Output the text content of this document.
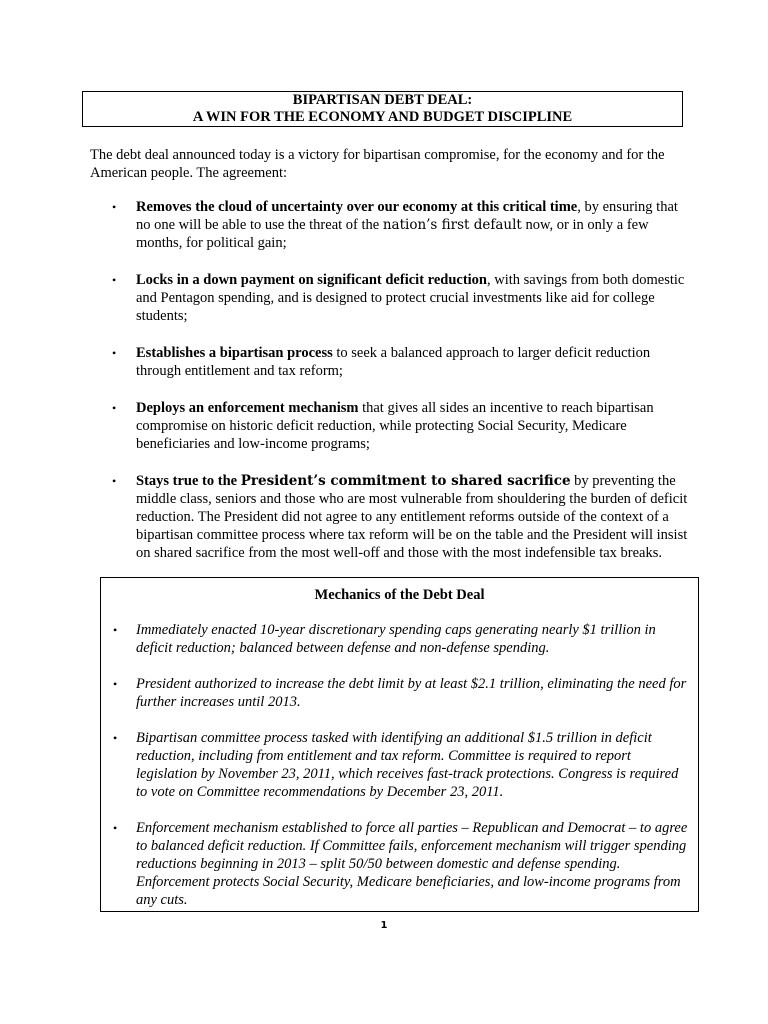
BIPARTISAN DEBT DEAL:
A WIN FOR THE ECONOMY AND BUDGET DISCIPLINE

The debt deal announced today is a victory for bipartisan compromise, for the economy and for the American people. The agreement:

• Removes the cloud of uncertainty over our economy at this critical time, by ensuring that no one will be able to use the threat of the nation’s first default now, or in only a few months, for political gain;
• Locks in a down payment on significant deficit reduction, with savings from both domestic and Pentagon spending, and is designed to protect crucial investments like aid for college students;
• Establishes a bipartisan process to seek a balanced approach to larger deficit reduction through entitlement and tax reform;
• Deploys an enforcement mechanism that gives all sides an incentive to reach bipartisan compromise on historic deficit reduction, while protecting Social Security, Medicare beneficiaries and low-income programs;
• Stays true to the President’s commitment to shared sacrifice by preventing the middle class, seniors and those who are most vulnerable from shouldering the burden of deficit reduction. The President did not agree to any entitlement reforms outside of the context of a bipartisan committee process where tax reform will be on the table and the President will insist on shared sacrifice from the most well-off and those with the most indefensible tax breaks.
Mechanics of the Debt Deal
• Immediately enacted 10-year discretionary spending caps generating nearly $1 trillion in deficit reduction; balanced between defense and non-defense spending.
• President authorized to increase the debt limit by at least $2.1 trillion, eliminating the need for further increases until 2013.
• Bipartisan committee process tasked with identifying an additional $1.5 trillion in deficit reduction, including from entitlement and tax reform. Committee is required to report legislation by November 23, 2011, which receives fast-track protections. Congress is required to vote on Committee recommendations by December 23, 2011.
• Enforcement mechanism established to force all parties – Republican and Democrat – to agree to balanced deficit reduction. If Committee fails, enforcement mechanism will trigger spending reductions beginning in 2013 – split 50/50 between domestic and defense spending. Enforcement protects Social Security, Medicare beneficiaries, and low-income programs from any cuts.
1
